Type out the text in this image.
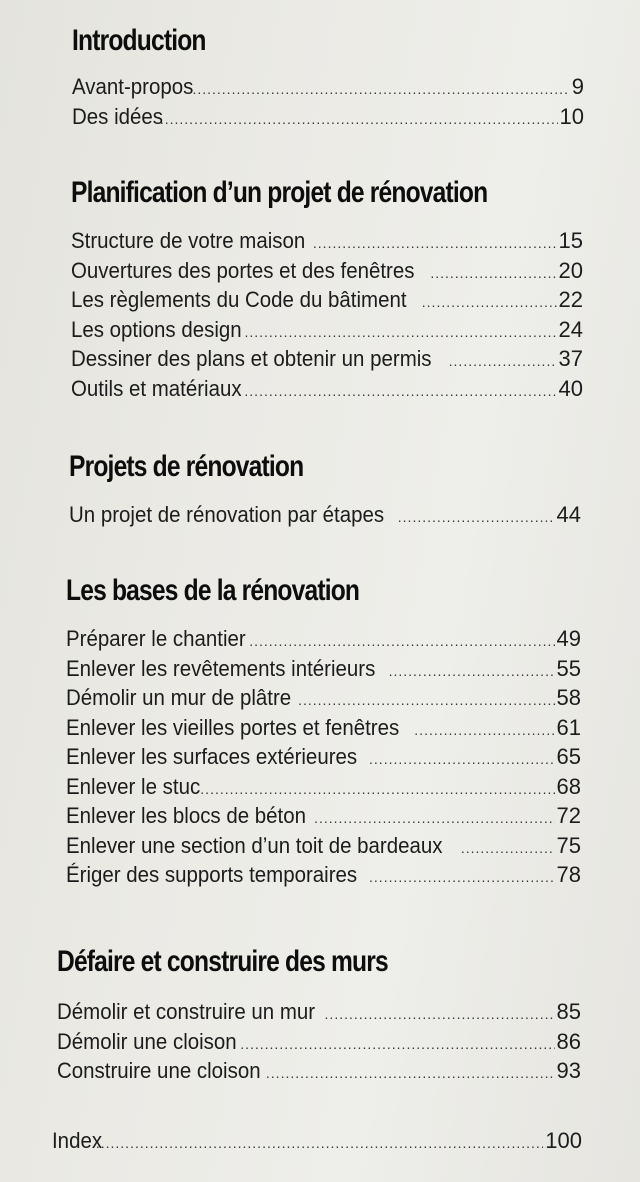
Introduction
Avant-propos .....	9
Des idées .....	10
Planification d’un projet de rénovation
Structure de votre maison .....	15
Ouvertures des portes et des fenêtres .....	20
Les règlements du Code du bâtiment .....	22
Les options design .....	24
Dessiner des plans et obtenir un permis .....	37
Outils et matériaux .....	40
Projets de rénovation
Un projet de rénovation par étapes .....	44
Les bases de la rénovation
Préparer le chantier .....	49
Enlever les revêtements intérieurs .....	55
Démolir un mur de plâtre .....	58
Enlever les vieilles portes et fenêtres .....	61
Enlever les surfaces extérieures .....	65
Enlever le stuc .....	68
Enlever les blocs de béton .....	72
Enlever une section d’un toit de bardeaux .....	75
Ériger des supports temporaires .....	78
Défaire et construire des murs
Démolir et construire un mur .....	85
Démolir une cloison .....	86
Construire une cloison .....	93
Index .....	100
